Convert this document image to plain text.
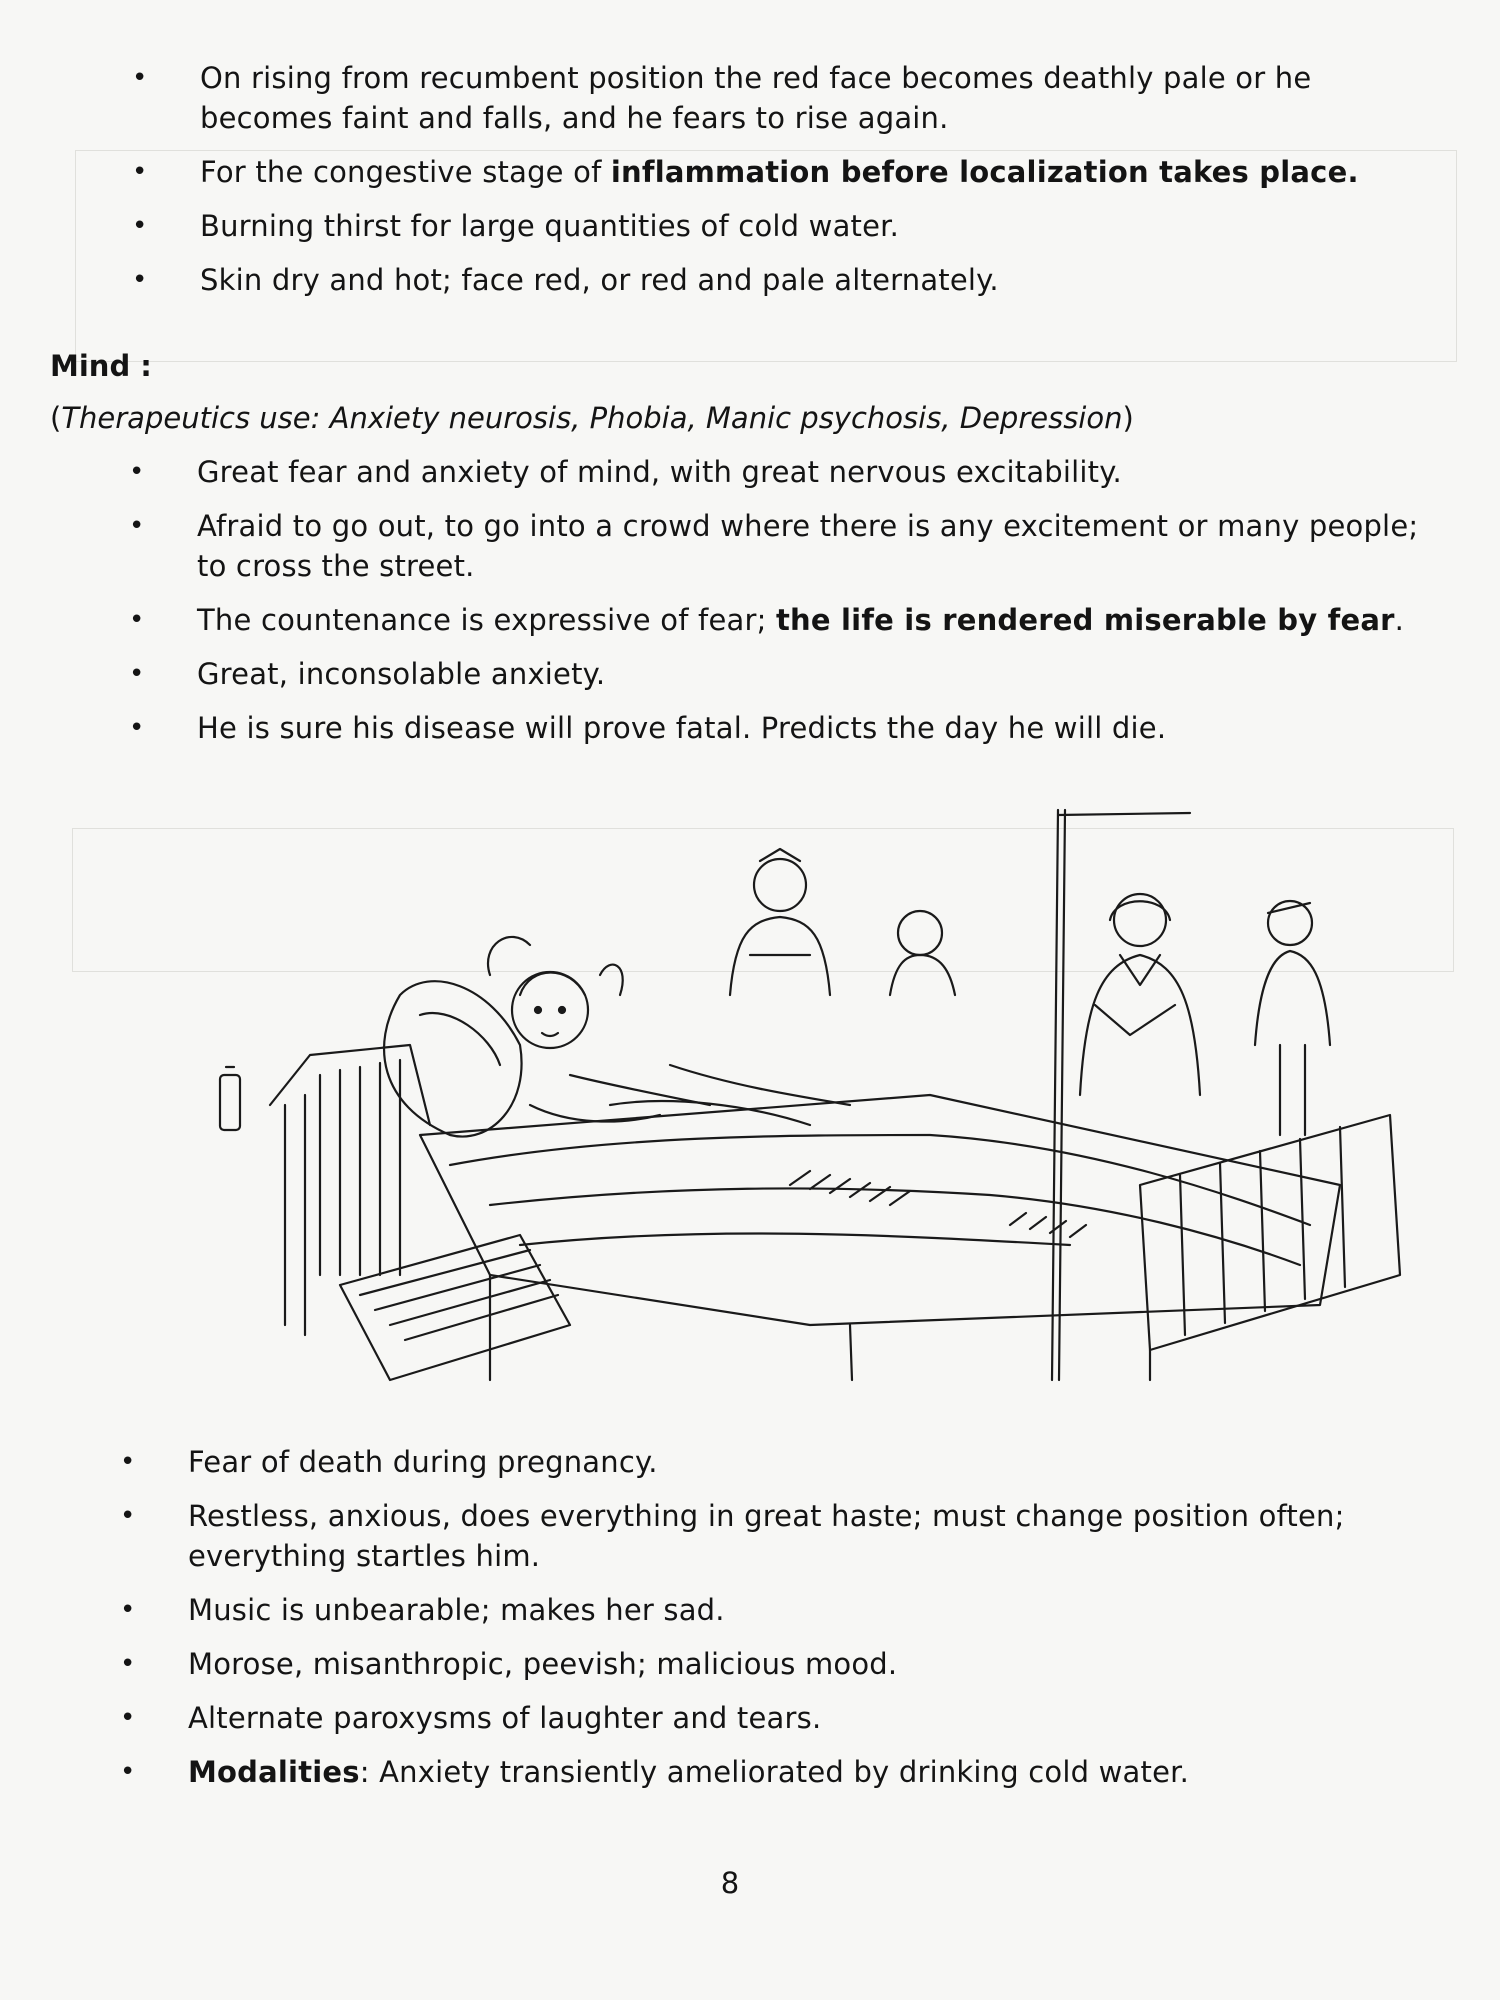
• On rising from recumbent position the red face becomes deathly pale or he becomes faint and falls, and he fears to rise again.
• For the congestive stage of inflammation before localization takes place.
• Burning thirst for large quantities of cold water.
• Skin dry and hot; face red, or red and pale alternately.
Mind :
(Therapeutics use: Anxiety neurosis, Phobia, Manic psychosis, Depression)
• Great fear and anxiety of mind, with great nervous excitability.
• Afraid to go out, to go into a crowd where there is any excitement or many people; to cross the street.
• The countenance is expressive of fear; the life is rendered miserable by fear.
• Great, inconsolable anxiety.
• He is sure his disease will prove fatal. Predicts the day he will die.
• Fear of death during pregnancy.
• Restless, anxious, does everything in great haste; must change position often; everything startles him.
• Music is unbearable; makes her sad.
• Morose, misanthropic, peevish; malicious mood.
• Alternate paroxysms of laughter and tears.
• Modalities: Anxiety transiently ameliorated by drinking cold water.
8
